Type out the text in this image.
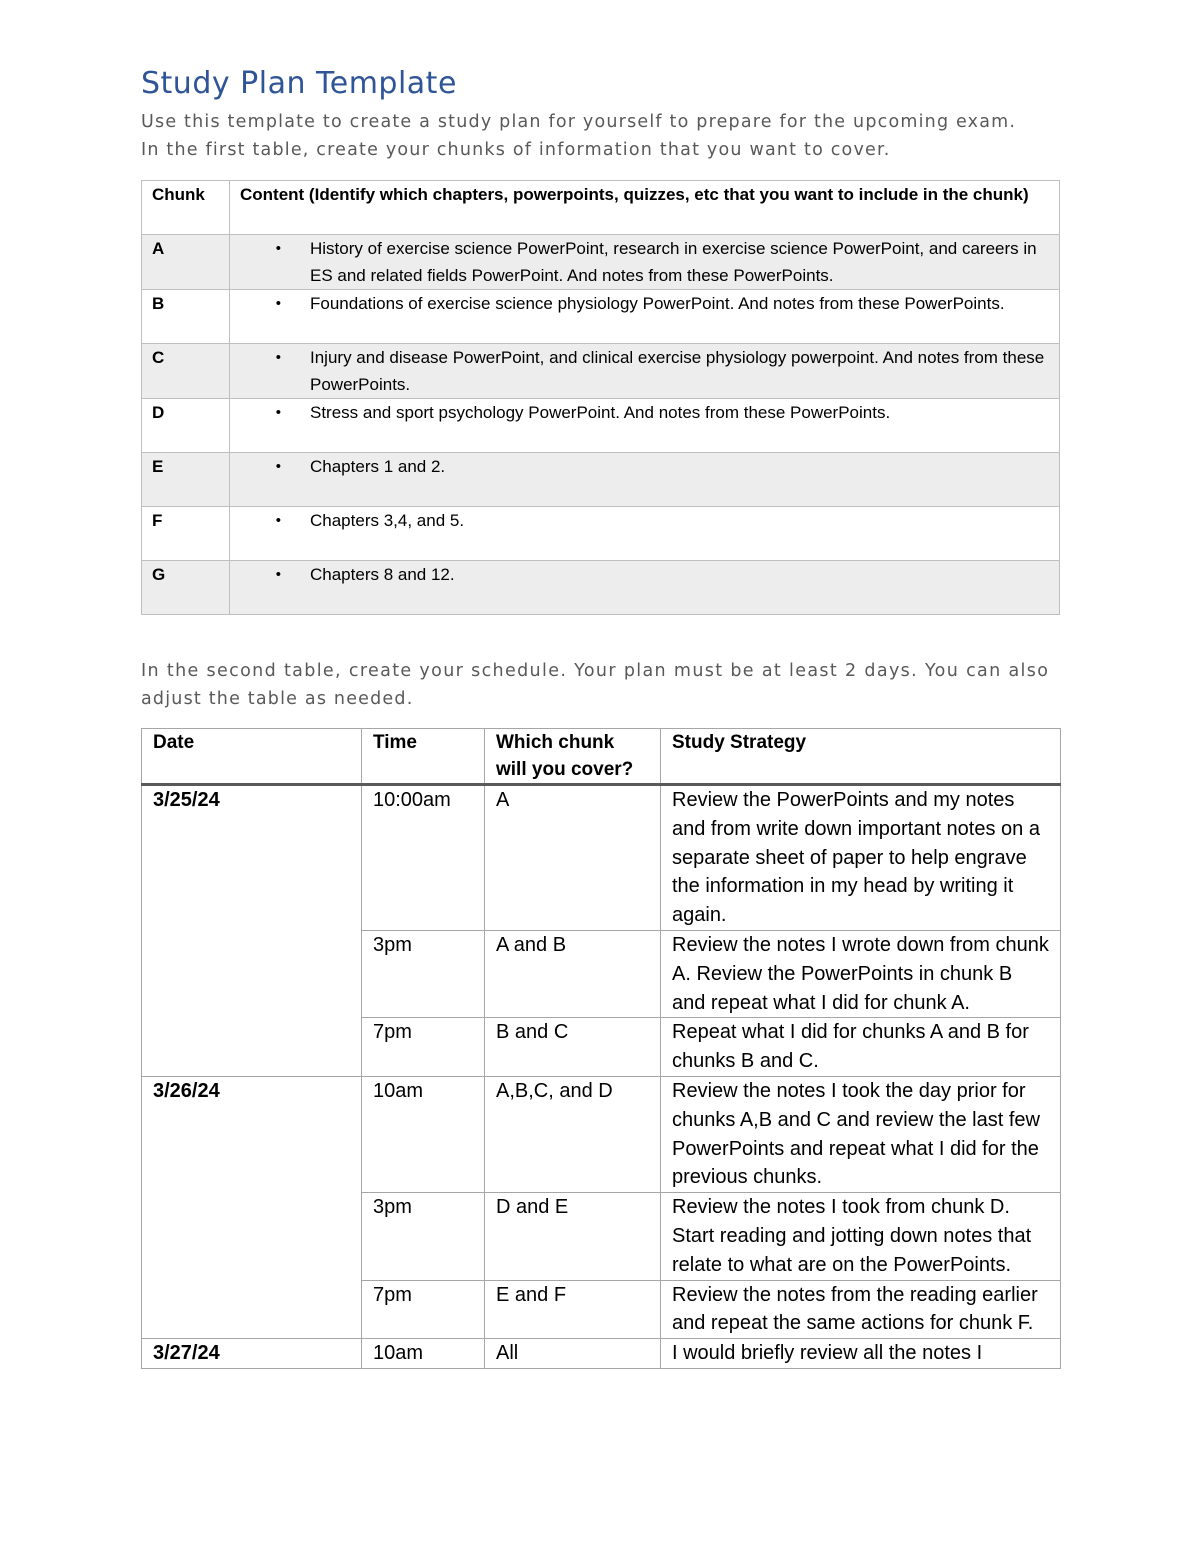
Study Plan Template

Use this template to create a study plan for yourself to prepare for the upcoming exam.

In the first table, create your chunks of information that you want to cover.

Chunk	Content (Identify which chapters, powerpoints, quizzes, etc that you want to include in the chunk)
A	• History of exercise science PowerPoint, research in exercise science PowerPoint, and careers in ES and related fields PowerPoint. And notes from these PowerPoints.

B	• Foundations of exercise science physiology PowerPoint. And notes from these PowerPoints.

C	• Injury and disease PowerPoint, and clinical exercise physiology powerpoint. And notes from these PowerPoints.

D	• Stress and sport psychology PowerPoint. And notes from these PowerPoints.

E	• Chapters 1 and 2.

F	• Chapters 3,4, and 5.

G	• Chapters 8 and 12.

In the second table, create your schedule. Your plan must be at least 2 days. You can also

adjust the table as needed.

Date	Time	Which chunk will you cover?	Study Strategy
3/25/24	10:00am	A	Review the PowerPoints and my notes and from write down important notes on a separate sheet of paper to help engrave the information in my head by writing it again.
	3pm	A and B	Review the notes I wrote down from chunk A. Review the PowerPoints in chunk B and repeat what I did for chunk A.
	7pm	B and C	Repeat what I did for chunks A and B for chunks B and C.
3/26/24	10am	A,B,C, and D	Review the notes I took the day prior for chunks A,B and C and review the last few PowerPoints and repeat what I did for the previous chunks.
	3pm	D and E	Review the notes I took from chunk D. Start reading and jotting down notes that relate to what are on the PowerPoints.
	7pm	E and F	Review the notes from the reading earlier and repeat the same actions for chunk F.
3/27/24	10am	All	I would briefly review all the notes I
